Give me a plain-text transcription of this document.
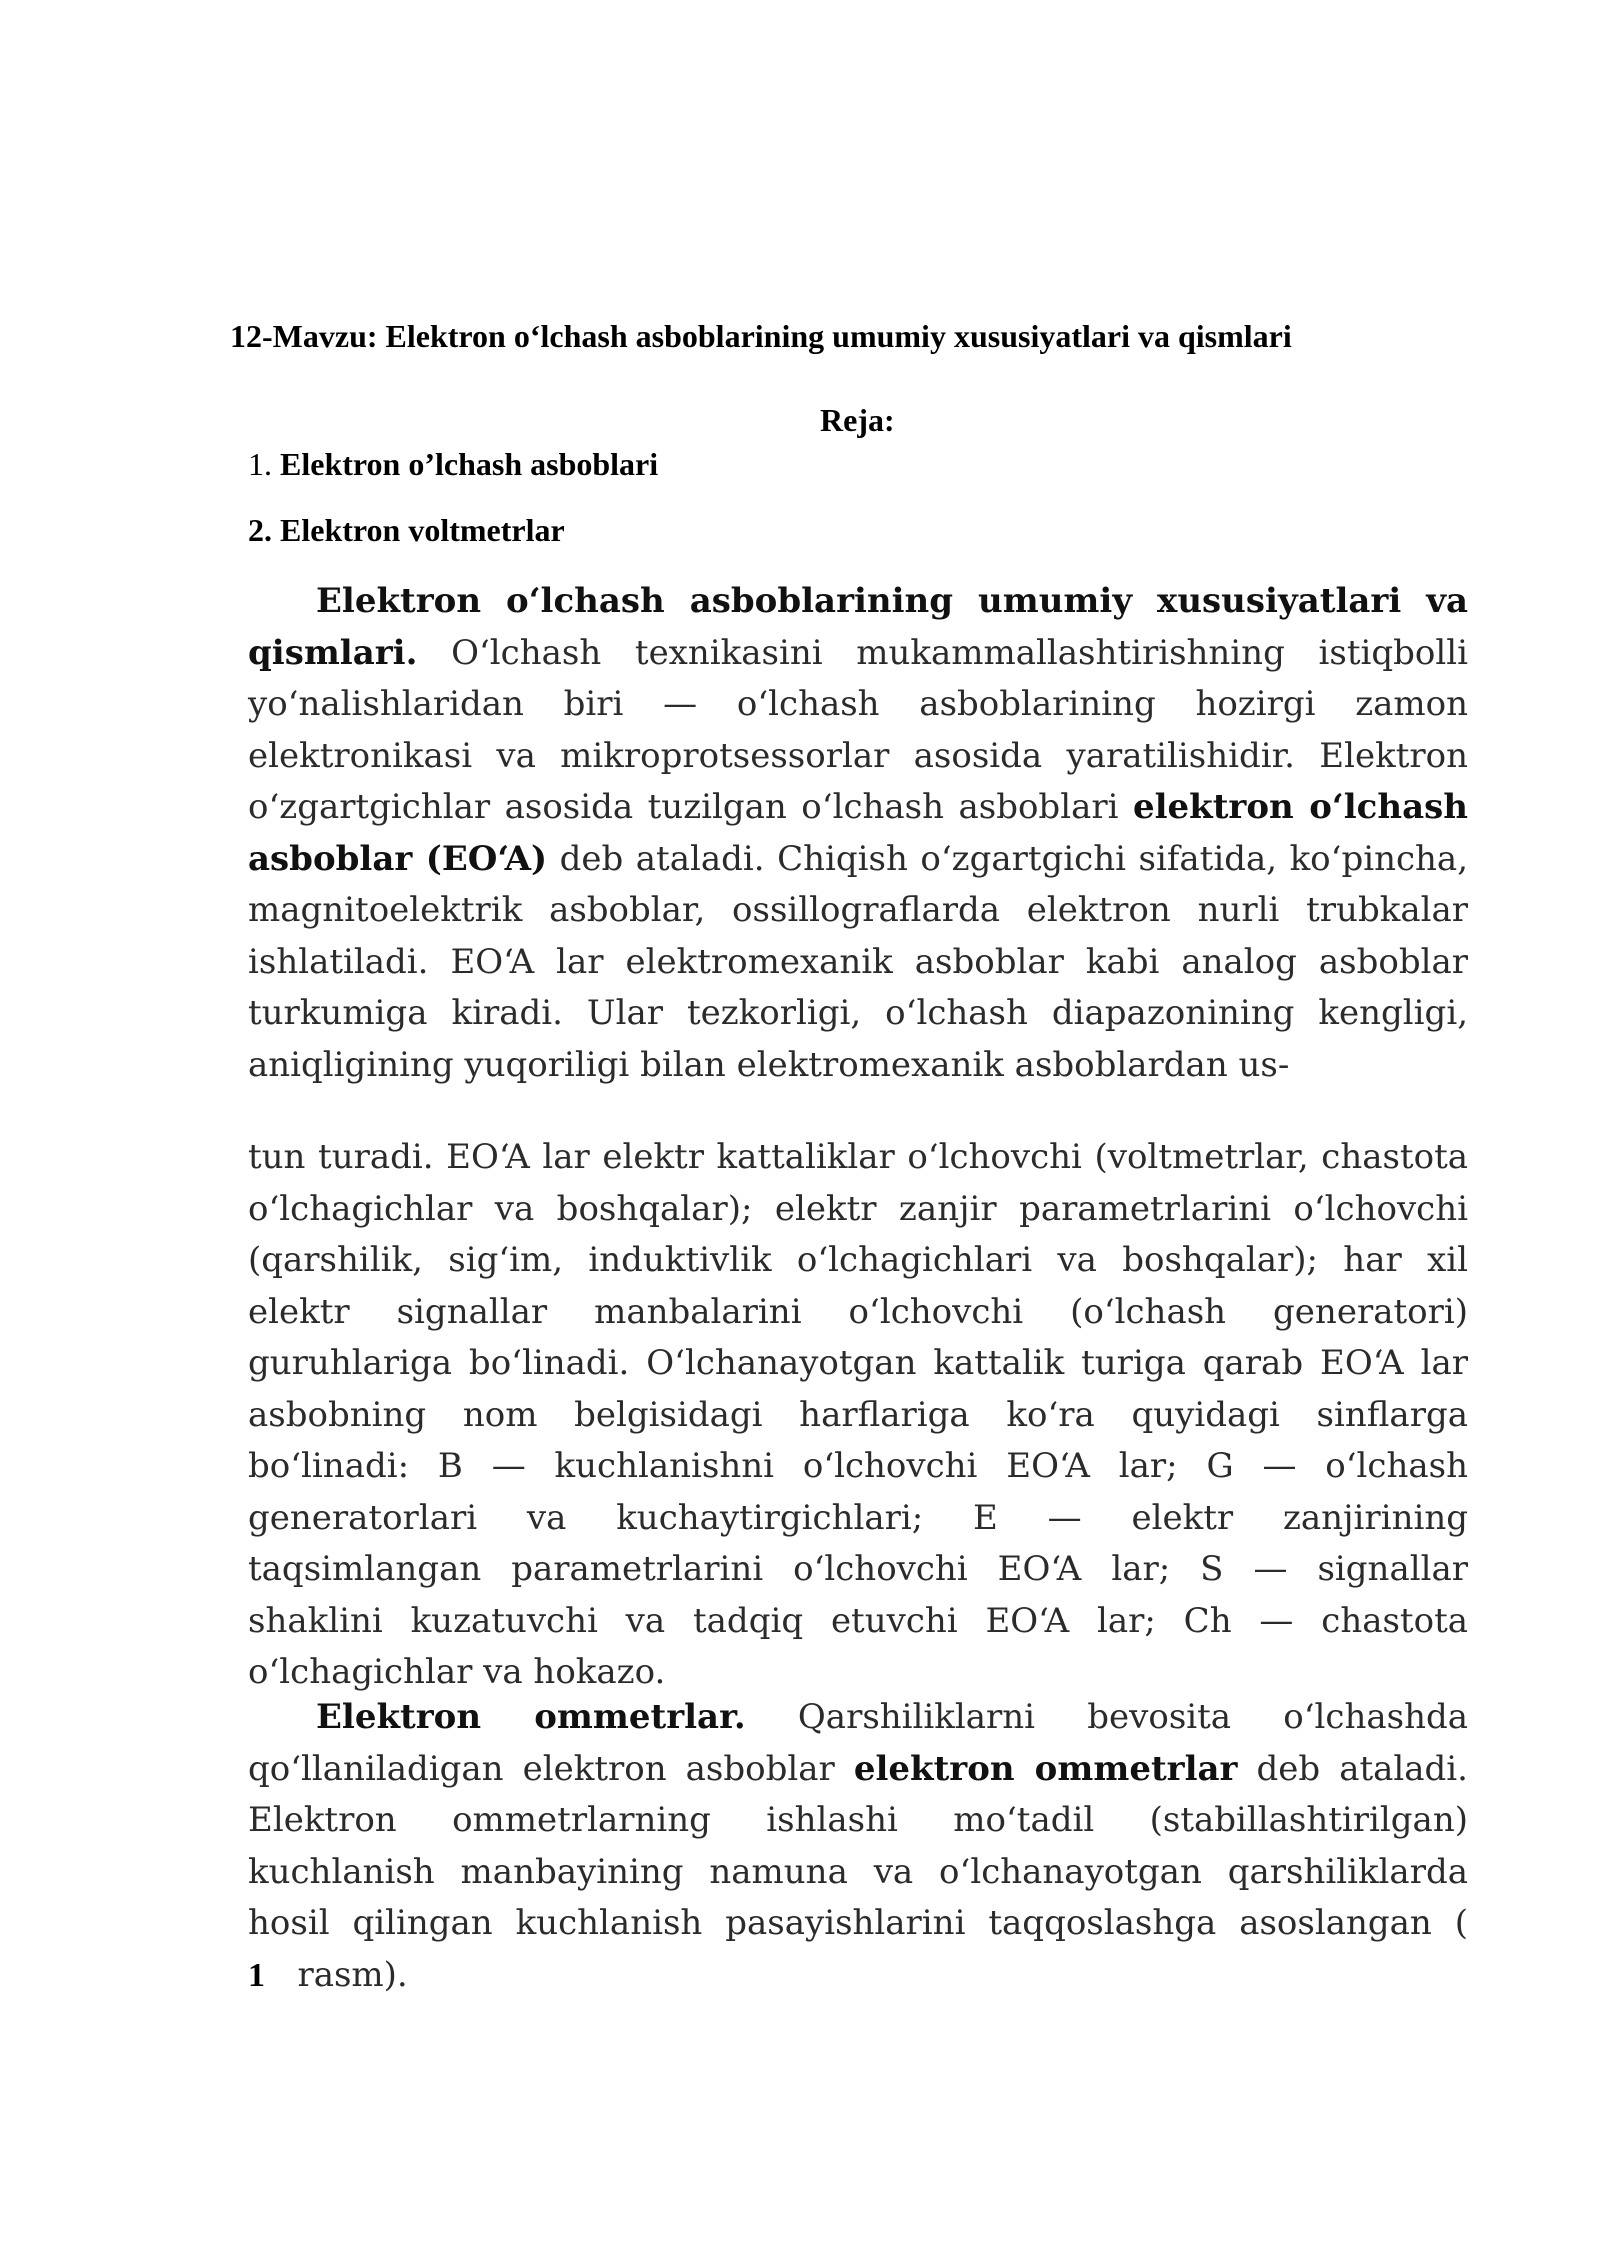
12-Mavzu: Elektron o‘lchash asboblarining umumiy xususiyatlari va qismlari
Reja:
1. Elektron o’lchash asboblari
2. Elektron voltmetrlar

Elektron o‘lchash asboblarining umumiy xususiyatlari va qismlari. O‘lchash texnikasini mukammallashtirishning istiqbolli yo‘nalishlaridan biri — o‘lchash asboblarining hozirgi zamon elektronikasi va mikroprotsessorlar asosida yaratilishidir. Elektron o‘zgartgichlar asosida tuzilgan o‘lchash asboblari elektron o‘lchash asboblar (EO‘A) deb ataladi. Chiqish o‘zgartgichi sifatida, ko‘pincha, magnitoelektrik asboblar, ossillograflarda elektron nurli trubkalar ishlatiladi. EO‘A lar elektromexanik asboblar kabi analog asboblar turkumiga kiradi. Ular tezkorligi, o‘lchash diapazonining kengligi, aniqligining yuqoriligi bilan elektromexanik asboblardan us-

tun turadi. EO‘A lar elektr kattaliklar o‘lchovchi (voltmetrlar, chastota o‘lchagichlar va boshqalar); elektr zanjir parametrlarini o‘lchovchi (qarshilik, sig‘im, induktivlik o‘lchagichlari va boshqalar); har xil elektr signallar manbalarini o‘lchovchi (o‘lchash generatori) guruhlariga bo‘linadi. O‘lchanayotgan kattalik turiga qarab EO‘A lar asbobning nom belgisidagi harflariga ko‘ra quyidagi sinflarga bo‘linadi: B — kuchlanishni o‘lchovchi EO‘A lar; G — o‘lchash generatorlari va kuchaytirgichlari; E — elektr zanjirining taqsimlangan parametrlarini o‘lchovchi EO‘A lar; S — signallar shaklini kuzatuvchi va tadqiq etuvchi EO‘A lar; Ch — chastota o‘lchagichlar va hokazo.

Elektron ommetrlar. Qarshiliklarni bevosita o‘lchashda qo‘llaniladigan elektron asboblar elektron ommetrlar deb ataladi. Elektron ommetrlarning ishlashi mo‘tadil (stabillashtirilgan) kuchlanish manbayining namuna va o‘lchanayotgan qarshiliklarda hosil qilingan kuchlanish pasayishlarini taqqoslashga asoslangan ( 1 rasm).
